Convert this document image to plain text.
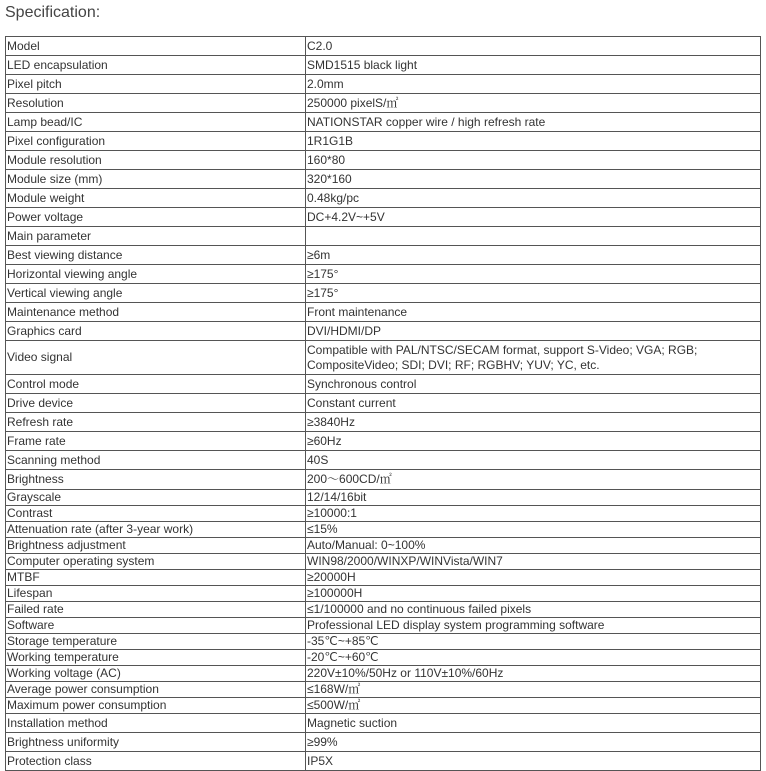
Specification:
Model	C2.0
LED encapsulation	SMD1515 black light
Pixel pitch	2.0mm
Resolution	250000 pixelS/㎡
Lamp bead/IC	NATIONSTAR copper wire / high refresh rate
Pixel configuration	1R1G1B
Module resolution	160*80
Module size (mm)	320*160
Module weight	0.48kg/pc
Power voltage	DC+4.2V~+5V
Main parameter	
Best viewing distance	≥6m
Horizontal viewing angle	≥175°
Vertical viewing angle	≥175°
Maintenance method	Front maintenance
Graphics card	DVI/HDMI/DP
Video signal	Compatible with PAL/NTSC/SECAM format, support S-Video; VGA; RGB; CompositeVideo; SDI; DVI; RF; RGBHV; YUV; YC, etc.
Control mode	Synchronous control
Drive device	Constant current
Refresh rate	≥3840Hz
Frame rate	≥60Hz
Scanning method	40S
Brightness	200～600CD/㎡
Grayscale	12/14/16bit
Contrast	≥10000:1
Attenuation rate (after 3-year work)	≤15%
Brightness adjustment	Auto/Manual: 0~100%
Computer operating system	WIN98/2000/WINXP/WINVista/WIN7
MTBF	≥20000H
Lifespan	≥100000H
Failed rate	≤1/100000 and no continuous failed pixels
Software	Professional LED display system programming software
Storage temperature	-35℃~+85℃
Working temperature	-20℃~+60℃
Working voltage (AC)	220V±10%/50Hz or 110V±10%/60Hz
Average power consumption	≤168W/㎡
Maximum power consumption	≤500W/㎡
Installation method	Magnetic suction
Brightness uniformity	≥99%
Protection class	IP5X
